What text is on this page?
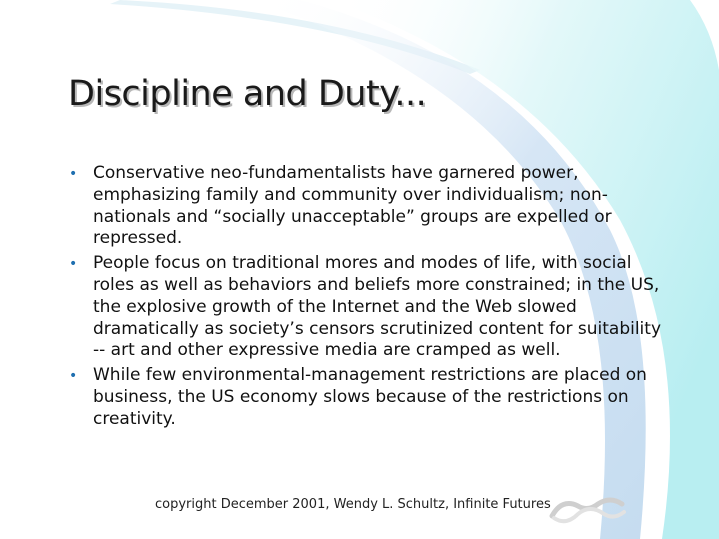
Discipline and Duty...
• Conservative neo-fundamentalists have garnered power, emphasizing family and community over individualism; non-nationals and “socially unacceptable” groups are expelled or repressed.
• People focus on traditional mores and modes of life, with social roles as well as behaviors and beliefs more constrained; in the US, the explosive growth of the Internet and the Web slowed dramatically as society’s censors scrutinized content for suitability -- art and other expressive media are cramped as well.
• While few environmental-management restrictions are placed on business, the US economy slows because of the restrictions on creativity.
copyright December 2001, Wendy L. Schultz, Infinite Futures
